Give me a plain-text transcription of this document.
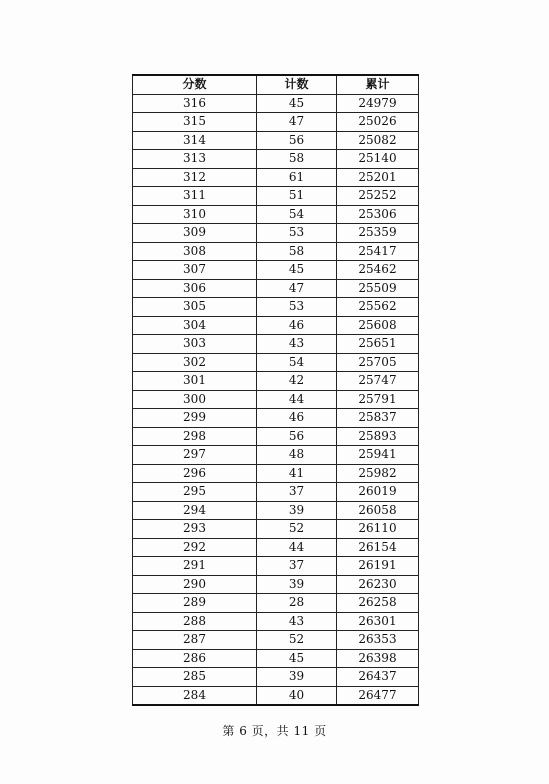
分数	计数	累计
316	45	24979
315	47	25026
314	56	25082
313	58	25140
312	61	25201
311	51	25252
310	54	25306
309	53	25359
308	58	25417
307	45	25462
306	47	25509
305	53	25562
304	46	25608
303	43	25651
302	54	25705
301	42	25747
300	44	25791
299	46	25837
298	56	25893
297	48	25941
296	41	25982
295	37	26019
294	39	26058
293	52	26110
292	44	26154
291	37	26191
290	39	26230
289	28	26258
288	43	26301
287	52	26353
286	45	26398
285	39	26437
284	40	26477
第 6 页，共 11 页
